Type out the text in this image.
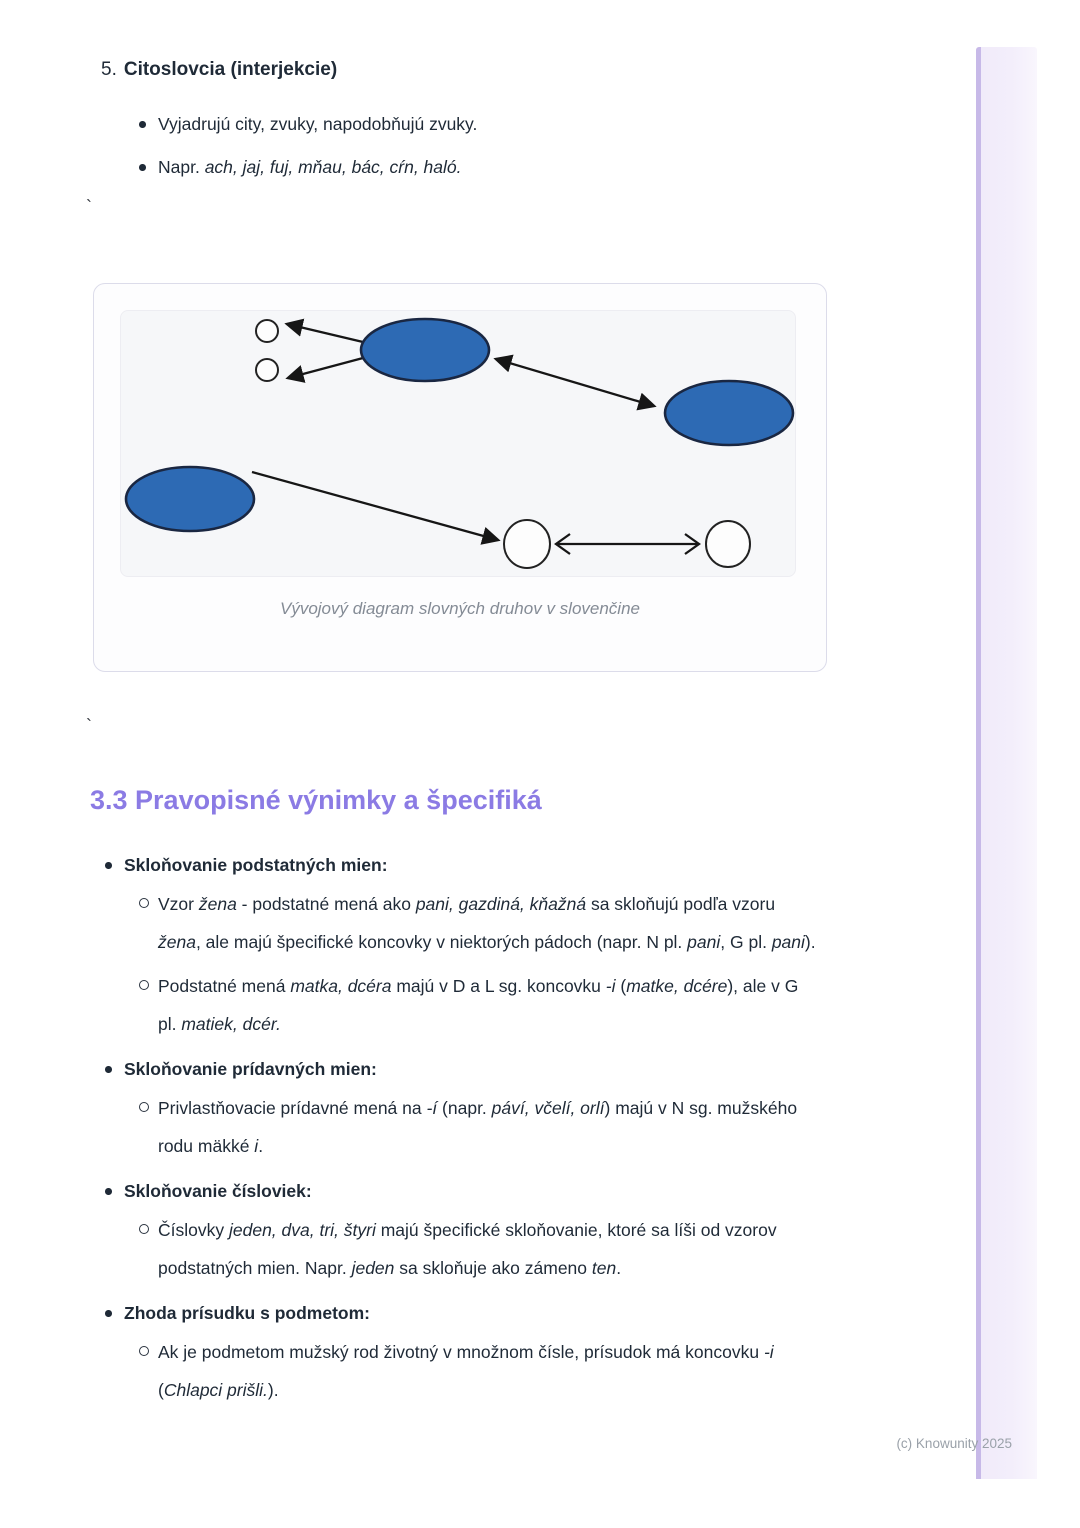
5. Citoslovcia (interjekcie)
Vyjadrujú city, zvuky, napodobňujú zvuky.
Napr. ach, jaj, fuj, mňau, bác, cŕn, haló.
`
Vývojový diagram slovných druhov v slovenčine
`
3.3 Pravopisné výnimky a špecifiká
Skloňovanie podstatných mien:
Vzor žena - podstatné mená ako pani, gazdiná, kňažná sa skloňujú podľa vzoru žena, ale majú špecifické koncovky v niektorých pádoch (napr. N pl. pani, G pl. pani).
Podstatné mená matka, dcéra majú v D a L sg. koncovku -i (matke, dcére), ale v G pl. matiek, dcér.
Skloňovanie prídavných mien:
Privlastňovacie prídavné mená na -í (napr. páví, včelí, orlí) majú v N sg. mužského rodu mäkké i.
Skloňovanie čísloviek:
Číslovky jeden, dva, tri, štyri majú špecifické skloňovanie, ktoré sa líši od vzorov podstatných mien. Napr. jeden sa skloňuje ako zámeno ten.
Zhoda prísudku s podmetom:
Ak je podmetom mužský rod životný v množnom čísle, prísudok má koncovku -i (Chlapci prišli.).
(c) Knowunity 2025
